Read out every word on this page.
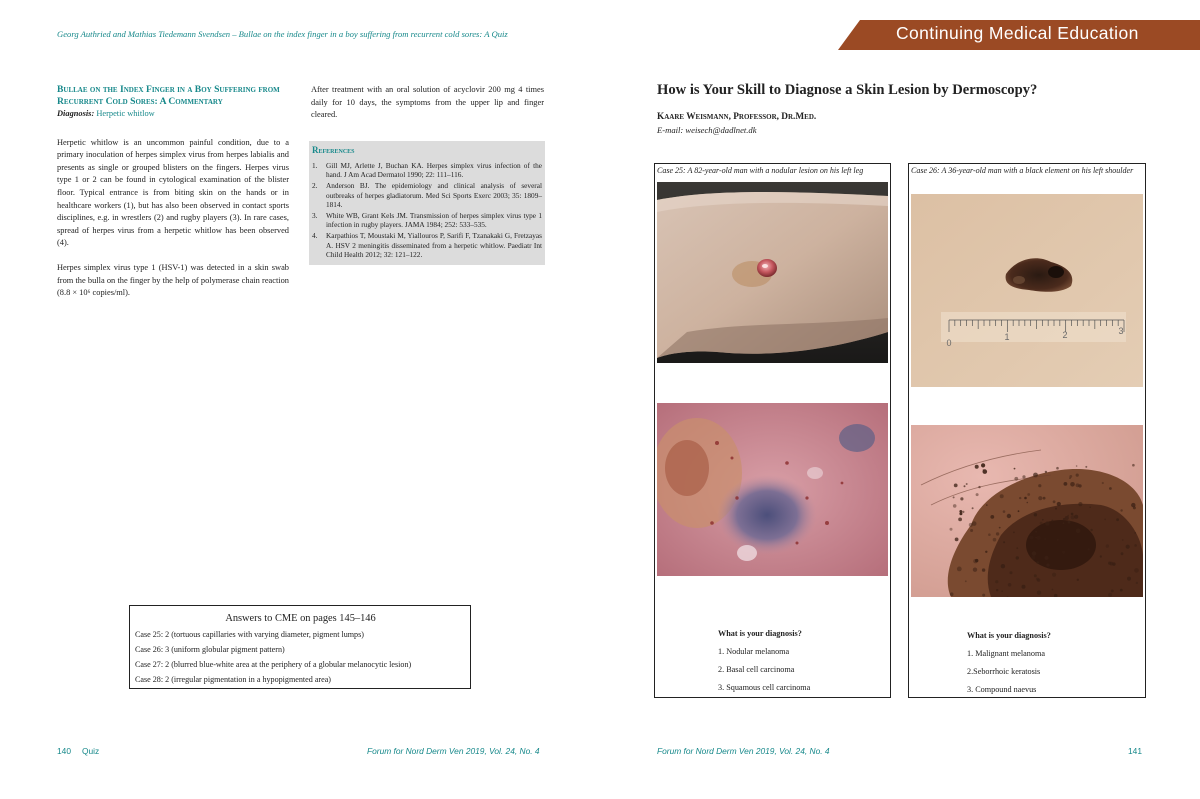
Georg Authried and Mathias Tiedemann Svendsen – Bullae on the index finger in a boy suffering from recurrent cold sores: A Quiz

Bullae on the Index Finger in a Boy Suffering from
Recurrent Cold Sores: A Commentary

Diagnosis: Herpetic whitlow

Herpetic whitlow is an uncommon painful condition, due to a primary inoculation of herpes simplex virus from herpes labialis and presents as single or grouped blisters on the fingers. Herpes virus type 1 or 2 can be found in cytological examination of the blister floor. Typical entrance is from biting skin on the hands or in healthcare workers (1), but has also been observed in contact sports disciplines, e.g. in wrestlers (2) and rugby players (3). In rare cases, spread of herpes virus from a herpetic whitlow has been observed (4).

Herpes simplex virus type 1 (HSV-1) was detected in a skin swab from the bulla on the finger by the help of polymerase chain reaction (8.8 × 10⁶ copies/ml).

After treatment with an oral solution of acyclovir 200 mg 4 times daily for 10 days, the symptoms from the upper lip and finger cleared.

References

1.	Gill MJ, Arlette J, Buchan KA. Herpes simplex virus infection of the hand. J Am Acad Dermatol 1990; 22: 111–116.
2.	Anderson BJ. The epidemiology and clinical analysis of several outbreaks of herpes gladiatorum. Med Sci Sports Exerc 2003; 35: 1809–1814.
3.	White WB, Grant Kels JM. Transmission of herpes simplex virus type 1 infection in rugby players. JAMA 1984; 252: 533–535.
4.	Karpathios T, Moustaki M, Yiallouros P, Sarifi F, Tzanakaki G, Fretzayas A. HSV 2 meningitis disseminated from a herpetic whitlow. Paediatr Int Child Health 2012; 32: 121–122.

Answers to CME on pages 145–146

Case 25: 2 (tortuous capillaries with varying diameter, pigment lumps)

Case 26: 3 (uniform globular pigment pattern)

Case 27: 2 (blurred blue-white area at the periphery of a globular melanocytic lesion)

Case 28: 2 (irregular pigmentation in a hypopigmented area)

140 Quiz	Forum for Nord Derm Ven 2019, Vol. 24, No. 4
Continuing Medical Education
How is Your Skill to Diagnose a Skin Lesion by Dermoscopy?
Kaare Weismann, Professor, Dr.Med.
E-mail: weisech@dadlnet.dk
Case 25: A 82-year-old man with a nodular lesion on his left leg
What is your diagnosis?
1. Nodular melanoma
2. Basal cell carcinoma
3. Squamous cell carcinoma
Case 26: A 36-year-old man with a black element on his left shoulder
0
1	2	3
What is your diagnosis?
1. Malignant melanoma
2.Seborrhoic keratosis
3. Compound naevus
Forum for Nord Derm Ven 2019, Vol. 24, No. 4	141
